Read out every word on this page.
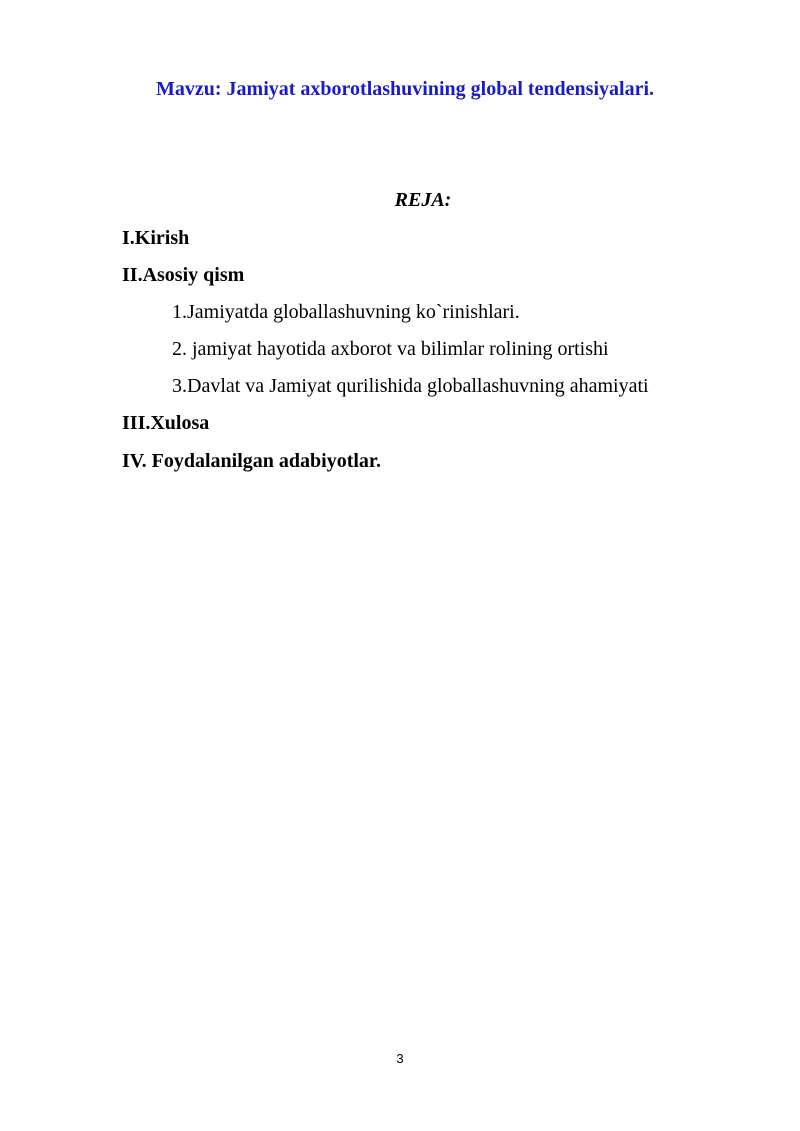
Mavzu: Jamiyat axborotlashuvining global tendensiyalari.
REJA:
I.Kirish
II.Asosiy qism
1.Jamiyatda globallashuvning ko`rinishlari.
2. jamiyat hayotida axborot va bilimlar rolining ortishi
3.Davlat va Jamiyat qurilishida globallashuvning ahamiyati
III.Xulosa
IV. Foydalanilgan adabiyotlar.
3
